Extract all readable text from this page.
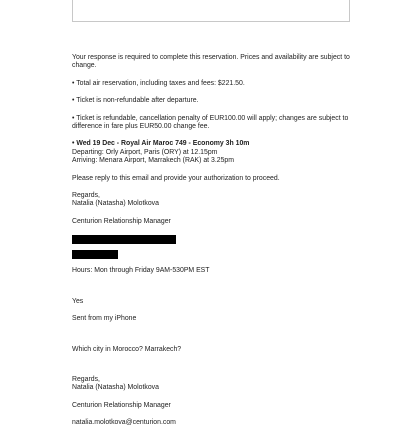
Your response is required to complete this reservation. Prices and availability are subject to change.

• Total air reservation, including taxes and fees: $221.50.

• Ticket is non-refundable after departure.

• Ticket is refundable, cancellation penalty of EUR100.00 will apply; changes are subject to difference in fare plus EUR50.00 change fee.

• Wed 19 Dec - Royal Air Maroc 749 - Economy 3h 10m

Departing: Orly Airport, Paris (ORY) at 12.15pm

Arriving: Menara Airport, Marrakech (RAK) at 3.25pm

Please reply to this email and provide your authorization to proceed.

Regards,

Natalia (Natasha) Molotkova

Centurion Relationship Manager

Hours: Mon through Friday 9AM-530PM EST

Yes

Sent from my iPhone

Which city in Morocco? Marrakech?

Regards,

Natalia (Natasha) Molotkova

Centurion Relationship Manager

natalia.molotkova@centurion.com
